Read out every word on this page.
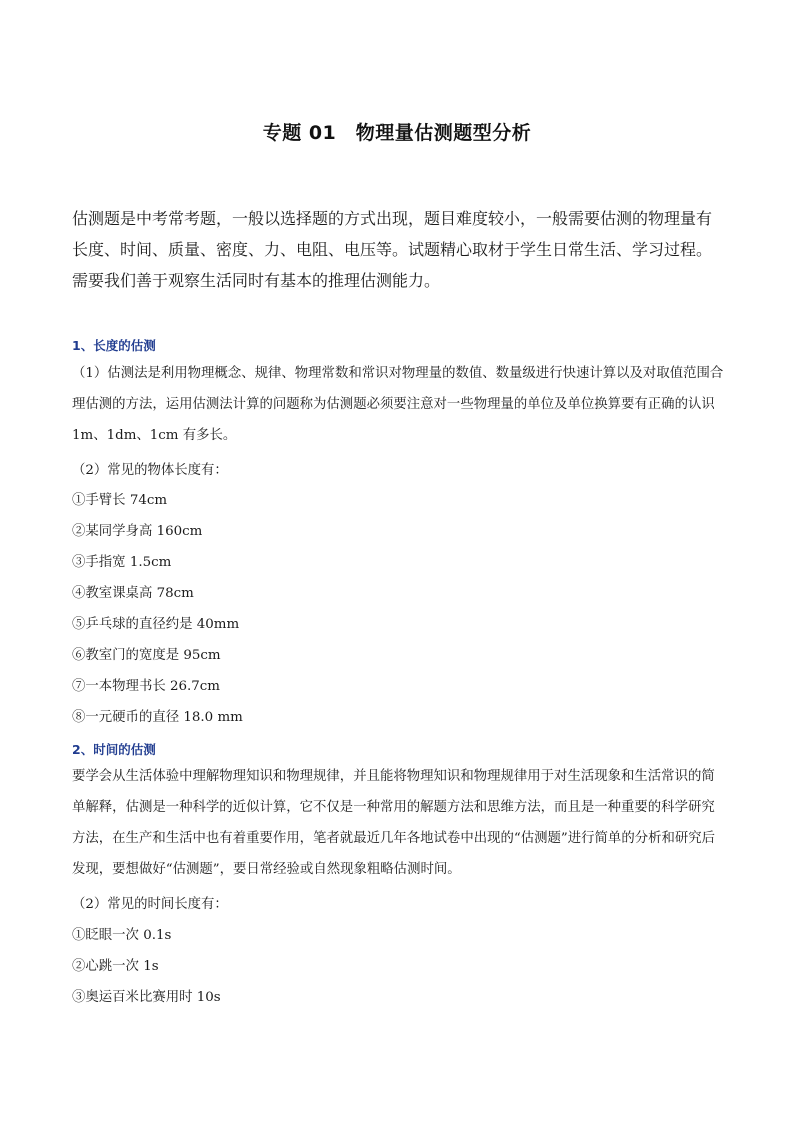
专题 01　物理量估测题型分析
估测题是中考常考题，一般以选择题的方式出现，题目难度较小，一般需要估测的物理量有长度、时间、质量、密度、力、电阻、电压等。试题精心取材于学生日常生活、学习过程。需要我们善于观察生活同时有基本的推理估测能力。
1、长度的估测
（1）估测法是利用物理概念、规律、物理常数和常识对物理量的数值、数量级进行快速计算以及对取值范围合理估测的方法，运用估测法计算的问题称为估测题必须要注意对一些物理量的单位及单位换算要有正确的认识 1m、1dm、1cm 有多长。
（2）常见的物体长度有：
①手臂长 74cm
②某同学身高 160cm
③手指宽 1.5cm
④教室课桌高 78cm
⑤乒乓球的直径约是 40mm
⑥教室门的宽度是 95cm
⑦一本物理书长 26.7cm
⑧一元硬币的直径 18.0 mm
2、时间的估测
要学会从生活体验中理解物理知识和物理规律，并且能将物理知识和物理规律用于对生活现象和生活常识的简单解释，估测是一种科学的近似计算，它不仅是一种常用的解题方法和思维方法，而且是一种重要的科学研究方法，在生产和生活中也有着重要作用，笔者就最近几年各地试卷中出现的“估测题”进行简单的分析和研究后发现，要想做好“估测题”，要日常经验或自然现象粗略估测时间。
（2）常见的时间长度有：
①眨眼一次 0.1s
②心跳一次 1s
③奥运百米比赛用时 10s
